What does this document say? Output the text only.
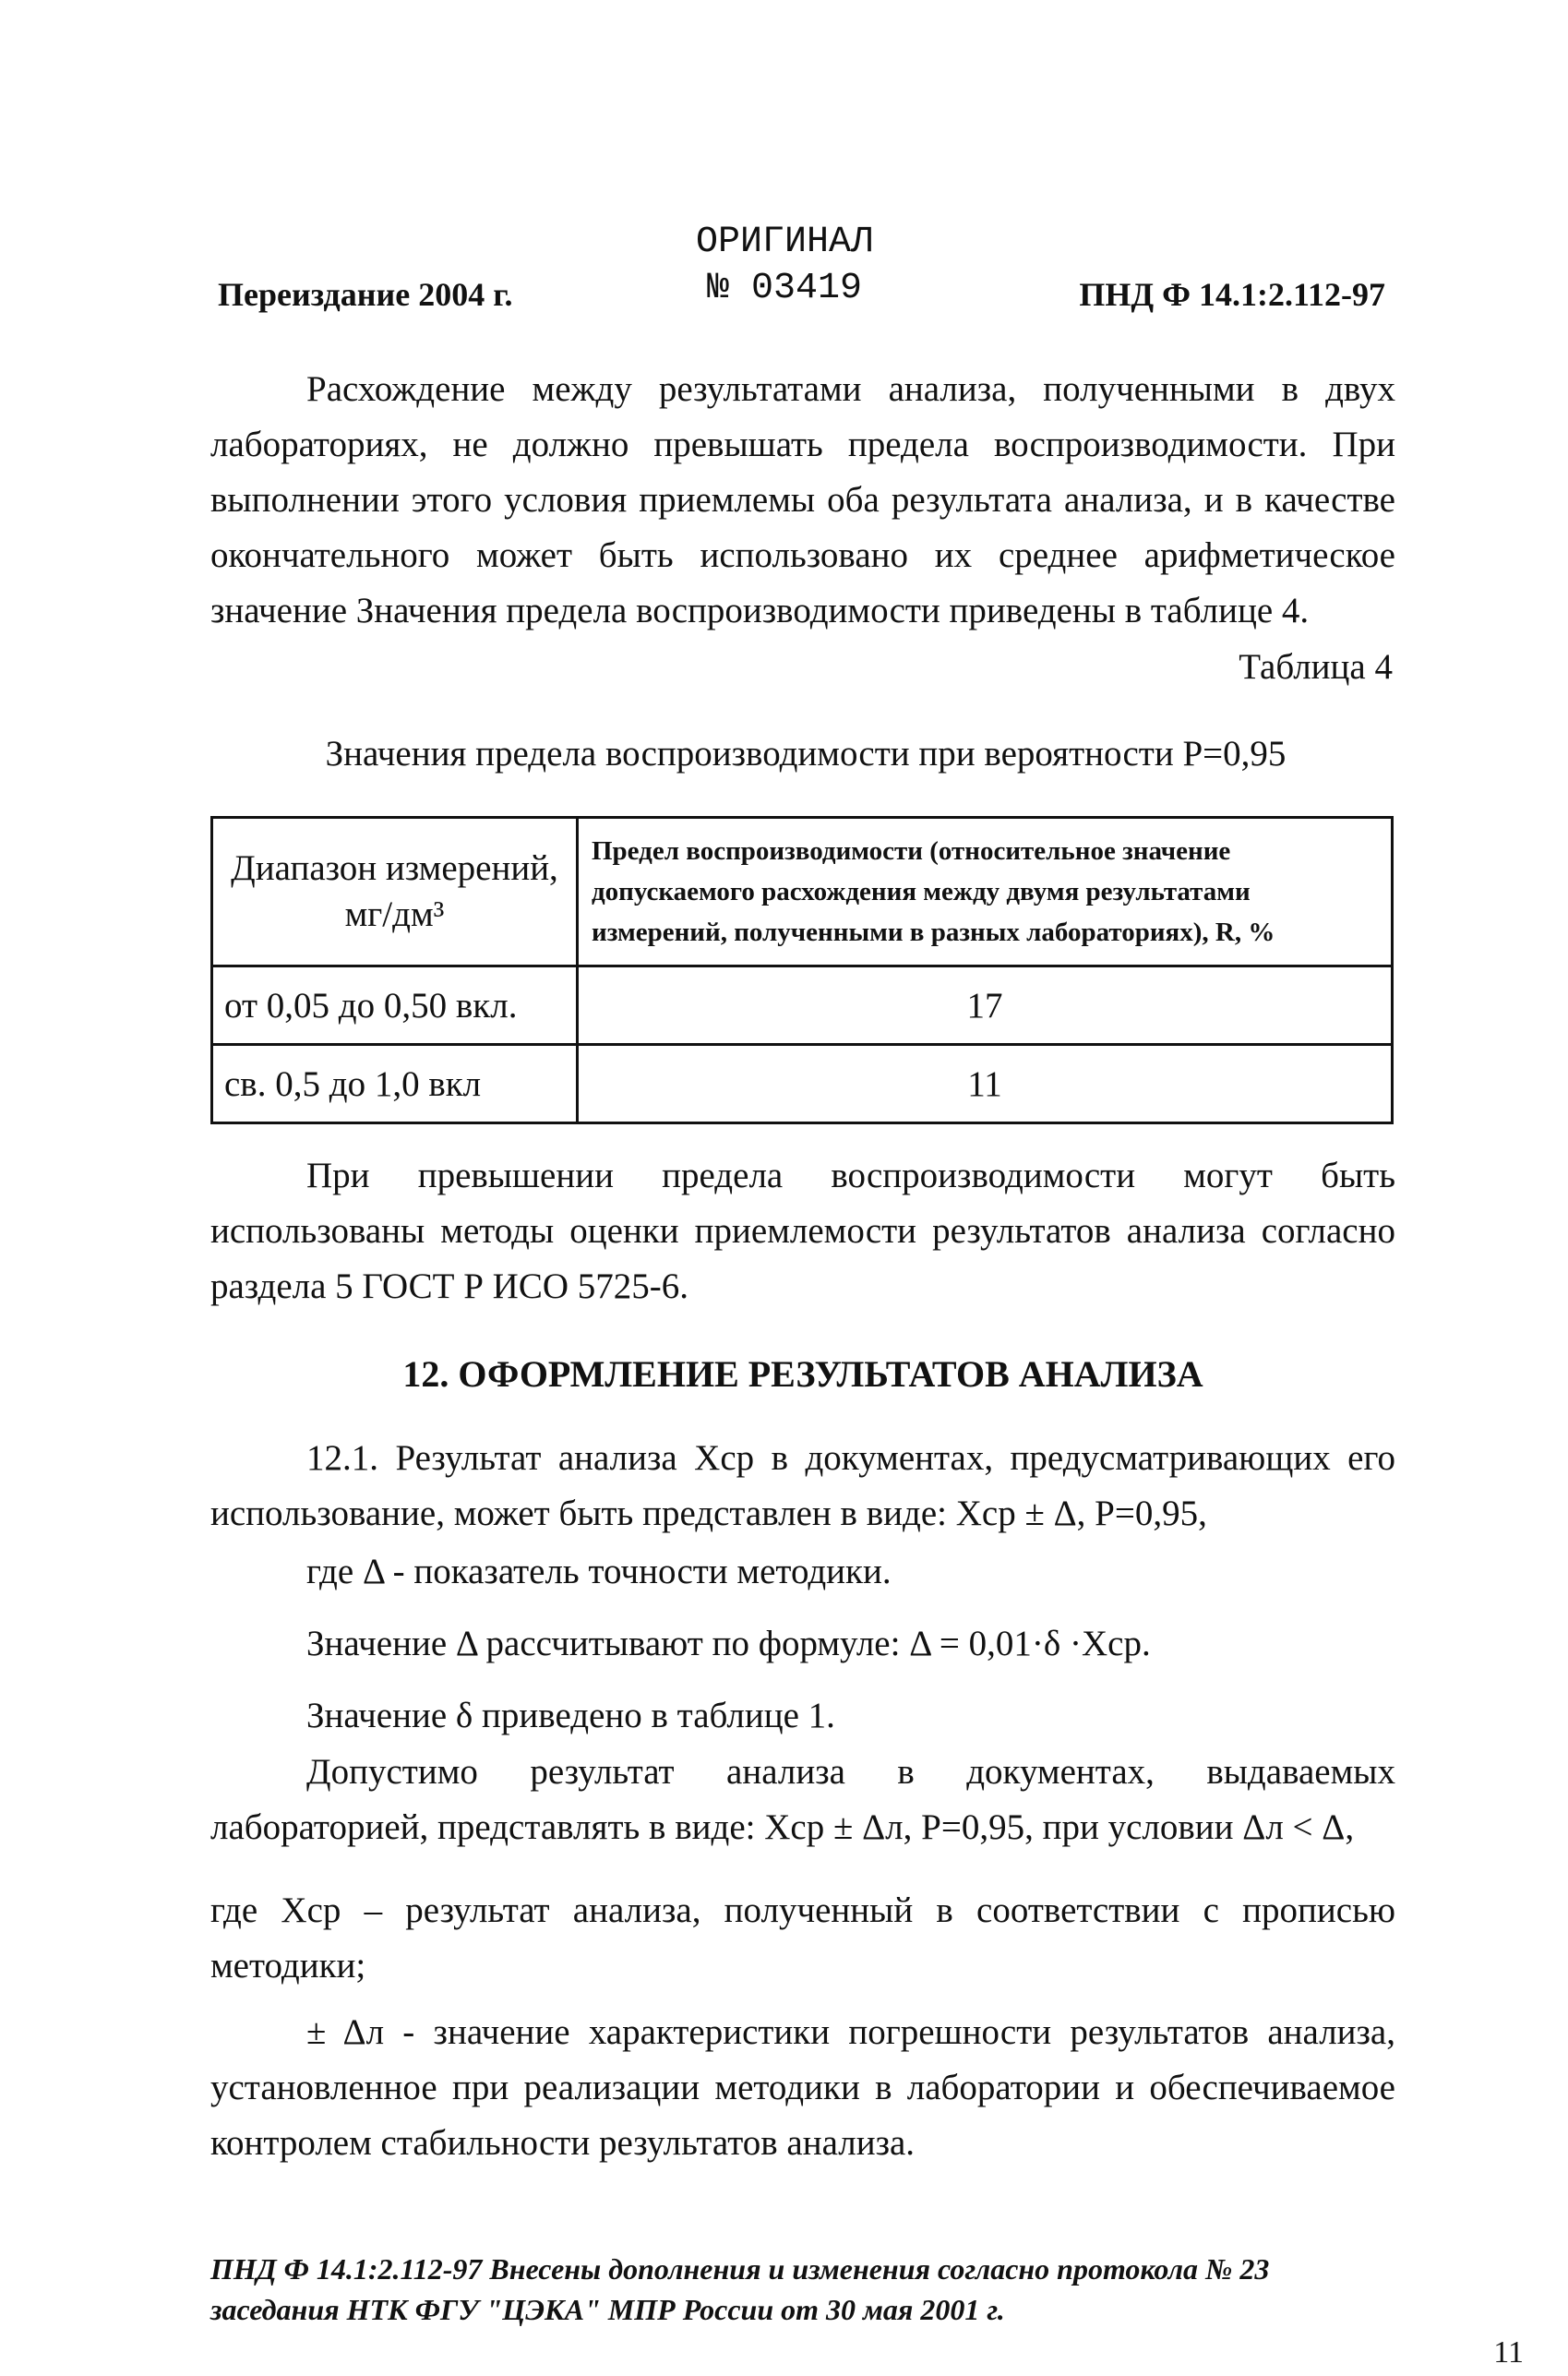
Переиздание 2004 г.
ОРИГИНАЛ
№ 03419	ПНД Ф 14.1:2.112-97

Расхождение между результатами анализа, полученными в двух лабораториях, не должно превышать предела воспроизводимости. При выполнении этого условия приемлемы оба результата анализа, и в качестве окончательного может быть использовано их среднее арифметическое значение Значения предела воспроизводимости приведены в таблице 4.

Таблица 4
Значения предела воспроизводимости при вероятности Р=0,95
Диапазон измерений, мг/дм³	Предел воспроизводимости (относительное значение допускаемого расхождения между двумя результатами измерений, полученными в разных лабораториях), R, %
от 0,05 до 0,50 вкл.	17
св. 0,5 до 1,0 вкл	11

При превышении предела воспроизводимости могут быть использованы методы оценки приемлемости результатов анализа согласно раздела 5 ГОСТ Р ИСО 5725-6.

12. ОФОРМЛЕНИЕ РЕЗУЛЬТАТОВ АНАЛИЗА

12.1. Результат анализа Xср в документах, предусматривающих его использование, может быть представлен в виде: Xср ± Δ, Р=0,95,

где Δ - показатель точности методики.
Значение Δ рассчитывают по формуле: Δ = 0,01·δ ·Xср.
Значение δ приведено в таблице 1.

Допустимо результат анализа в документах, выдаваемых лабораторией, представлять в виде: Xср ± Δл, Р=0,95, при условии Δл < Δ,

где Xср – результат анализа, полученный в соответствии с прописью методики;

± Δл - значение характеристики погрешности результатов анализа, установленное при реализации методики в лаборатории и обеспечиваемое контролем стабильности результатов анализа.

ПНД Ф 14.1:2.112-97 Внесены дополнения и изменения согласно протокола № 23 заседания НТК ФГУ "ЦЭКА" МПР России от 30 мая 2001 г.

11
